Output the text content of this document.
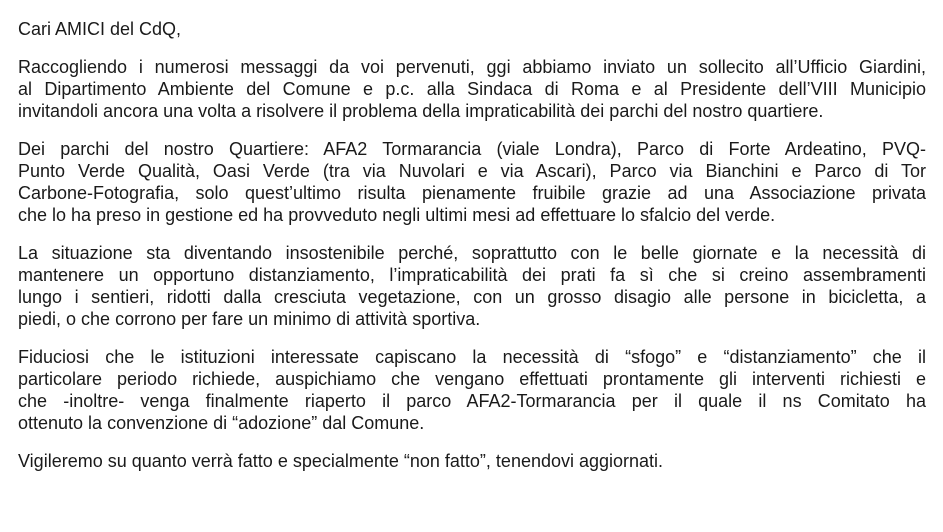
Cari AMICI del CdQ,

Raccogliendo i numerosi messaggi da voi pervenuti, ggi abbiamo inviato un sollecito all’Ufficio Giardini,
al Dipartimento Ambiente del Comune e p.c. alla Sindaca di Roma e al Presidente dell’VIII Municipio
invitandoli ancora una volta a risolvere il problema della impraticabilità dei parchi del nostro quartiere.

Dei parchi del nostro Quartiere: AFA2 Tormarancia (viale Londra), Parco di Forte Ardeatino, PVQ-
Punto Verde Qualità, Oasi Verde (tra via Nuvolari e via Ascari), Parco via Bianchini e Parco di Tor
Carbone-Fotografia, solo quest’ultimo risulta pienamente fruibile grazie ad una Associazione privata
che lo ha preso in gestione ed ha provveduto negli ultimi mesi ad effettuare lo sfalcio del verde.

La situazione sta diventando insostenibile perché, soprattutto con le belle giornate e la necessità di
mantenere un opportuno distanziamento, l’impraticabilità dei prati fa sì che si creino assembramenti
lungo i sentieri, ridotti dalla cresciuta vegetazione, con un grosso disagio alle persone in bicicletta, a
piedi, o che corrono per fare un minimo di attività sportiva.

Fiduciosi che le istituzioni interessate capiscano la necessità di “sfogo” e “distanziamento” che il
particolare periodo richiede, auspichiamo che vengano effettuati prontamente gli interventi richiesti e
che -inoltre- venga finalmente riaperto il parco AFA2-Tormarancia per il quale il ns Comitato ha
ottenuto la convenzione di “adozione” dal Comune.

Vigileremo su quanto verrà fatto e specialmente “non fatto”, tenendovi aggiornati.
